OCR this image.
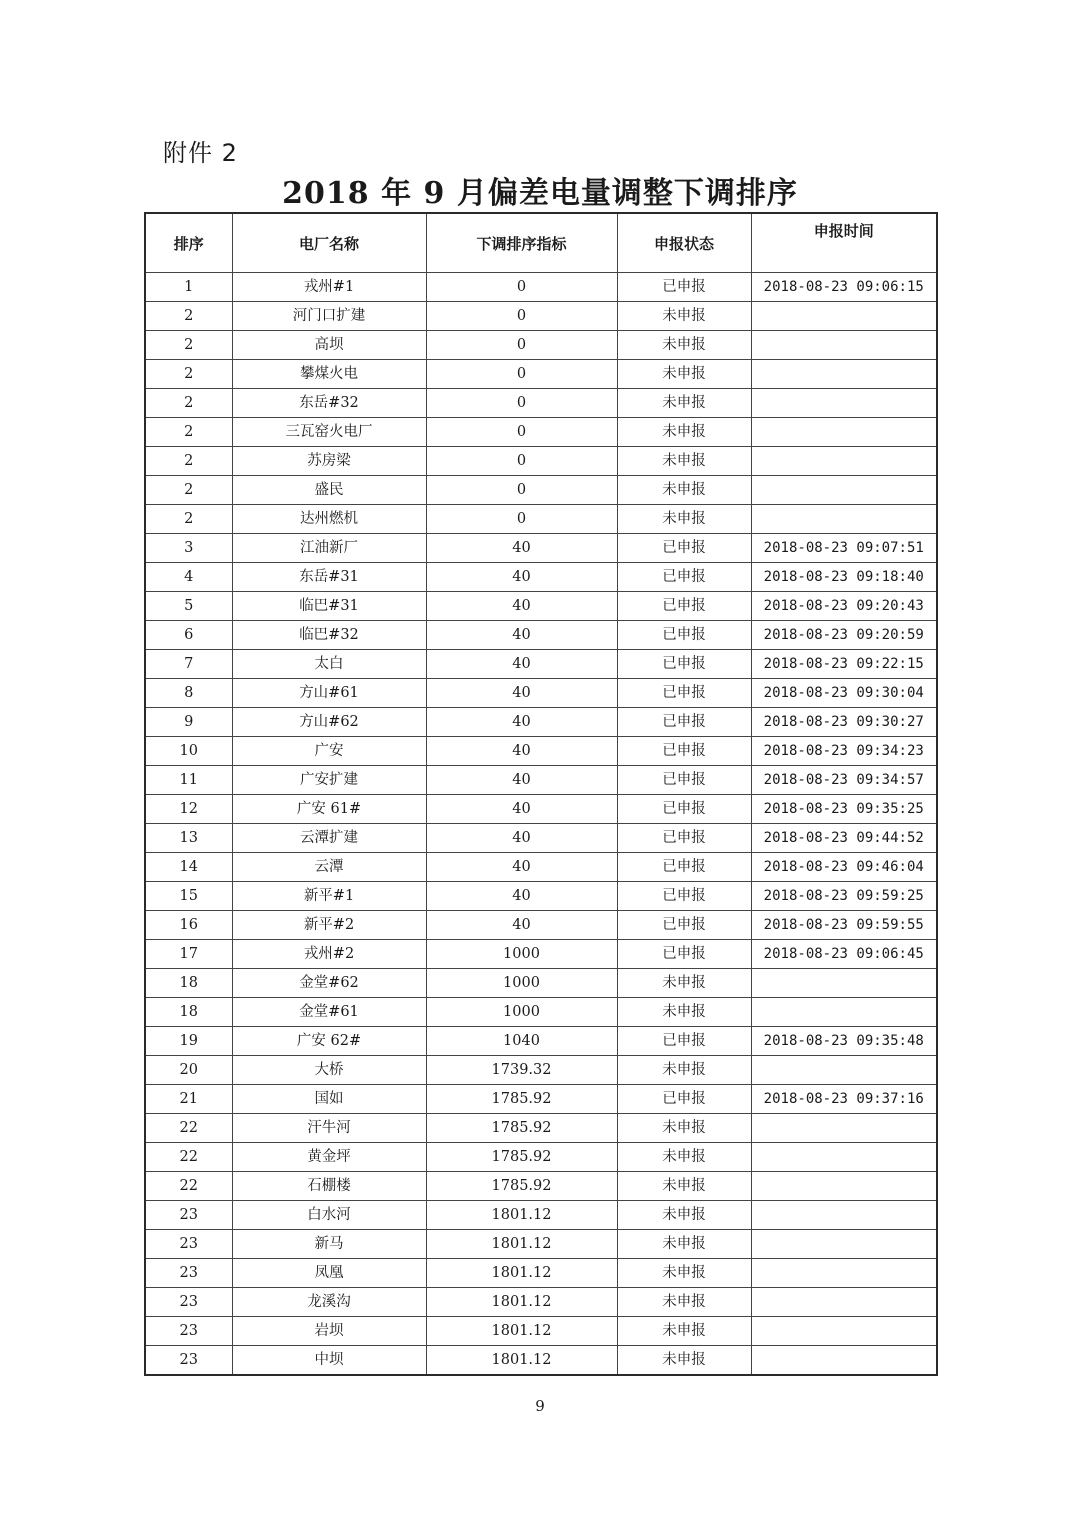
附件 2
2018 年 9 月偏差电量调整下调排序
排序	电厂名称	下调排序指标	申报状态	申报时间
1	戎州#1	0	已申报	2018-08-23 09:06:15
2	河门口扩建	0	未申报	
2	高坝	0	未申报	
2	攀煤火电	0	未申报	
2	东岳#32	0	未申报	
2	三瓦窑火电厂	0	未申报	
2	苏房梁	0	未申报	
2	盛民	0	未申报	
2	达州燃机	0	未申报	
3	江油新厂	40	已申报	2018-08-23 09:07:51
4	东岳#31	40	已申报	2018-08-23 09:18:40
5	临巴#31	40	已申报	2018-08-23 09:20:43
6	临巴#32	40	已申报	2018-08-23 09:20:59
7	太白	40	已申报	2018-08-23 09:22:15
8	方山#61	40	已申报	2018-08-23 09:30:04
9	方山#62	40	已申报	2018-08-23 09:30:27
10	广安	40	已申报	2018-08-23 09:34:23
11	广安扩建	40	已申报	2018-08-23 09:34:57
12	广安 61#	40	已申报	2018-08-23 09:35:25
13	云潭扩建	40	已申报	2018-08-23 09:44:52
14	云潭	40	已申报	2018-08-23 09:46:04
15	新平#1	40	已申报	2018-08-23 09:59:25
16	新平#2	40	已申报	2018-08-23 09:59:55
17	戎州#2	1000	已申报	2018-08-23 09:06:45
18	金堂#62	1000	未申报	
18	金堂#61	1000	未申报	
19	广安 62#	1040	已申报	2018-08-23 09:35:48
20	大桥	1739.32	未申报	
21	国如	1785.92	已申报	2018-08-23 09:37:16
22	汗牛河	1785.92	未申报	
22	黄金坪	1785.92	未申报	
22	石棚楼	1785.92	未申报	
23	白水河	1801.12	未申报	
23	新马	1801.12	未申报	
23	凤凰	1801.12	未申报	
23	龙溪沟	1801.12	未申报	
23	岩坝	1801.12	未申报	
23	中坝	1801.12	未申报	
9
